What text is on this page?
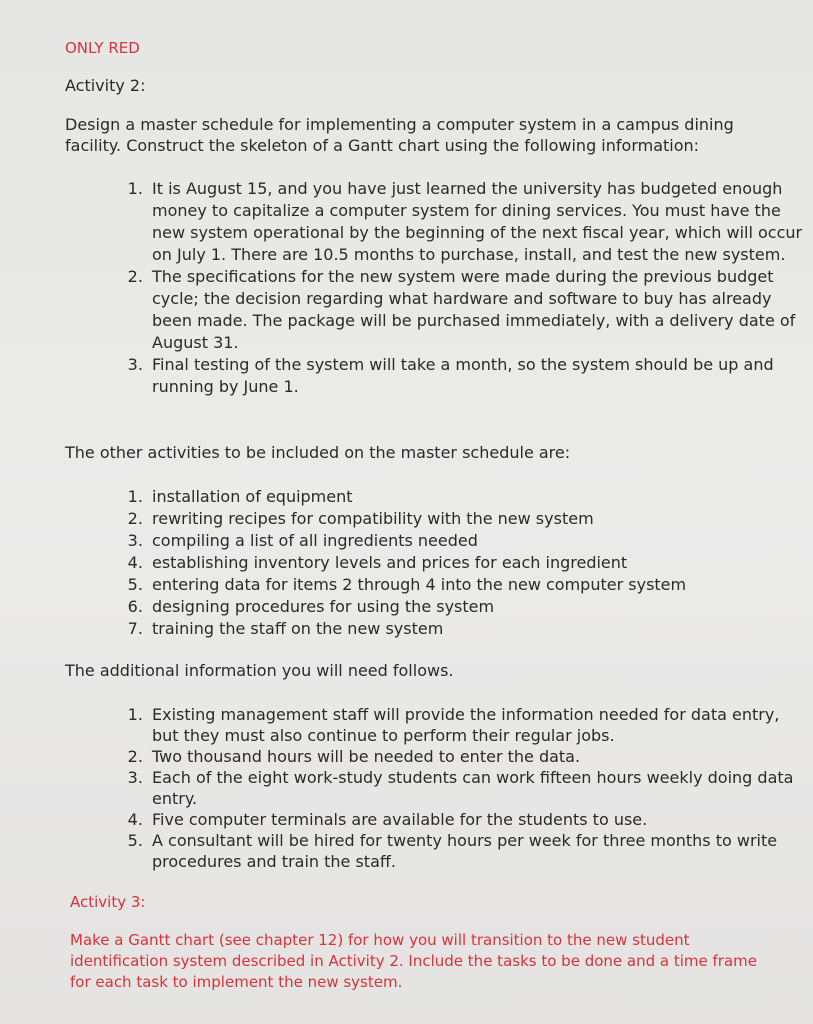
ONLY RED
Activity 2:
Design a master schedule for implementing a computer system in a campus dining facility. Construct the skeleton of a Gantt chart using the following information:
1. It is August 15, and you have just learned the university has budgeted enough money to capitalize a computer system for dining services. You must have the new system operational by the beginning of the next fiscal year, which will occur on July 1. There are 10.5 months to purchase, install, and test the new system.
2. The specifications for the new system were made during the previous budget cycle; the decision regarding what hardware and software to buy has already been made. The package will be purchased immediately, with a delivery date of August 31.
3. Final testing of the system will take a month, so the system should be up and running by June 1.
The other activities to be included on the master schedule are:
1. installation of equipment
2. rewriting recipes for compatibility with the new system
3. compiling a list of all ingredients needed
4. establishing inventory levels and prices for each ingredient
5. entering data for items 2 through 4 into the new computer system
6. designing procedures for using the system
7. training the staff on the new system
The additional information you will need follows.
1. Existing management staff will provide the information needed for data entry, but they must also continue to perform their regular jobs.
2. Two thousand hours will be needed to enter the data.
3. Each of the eight work-study students can work fifteen hours weekly doing data entry.
4. Five computer terminals are available for the students to use.
5. A consultant will be hired for twenty hours per week for three months to write procedures and train the staff.
Activity 3:
Make a Gantt chart (see chapter 12) for how you will transition to the new student identification system described in Activity 2. Include the tasks to be done and a time frame for each task to implement the new system.
